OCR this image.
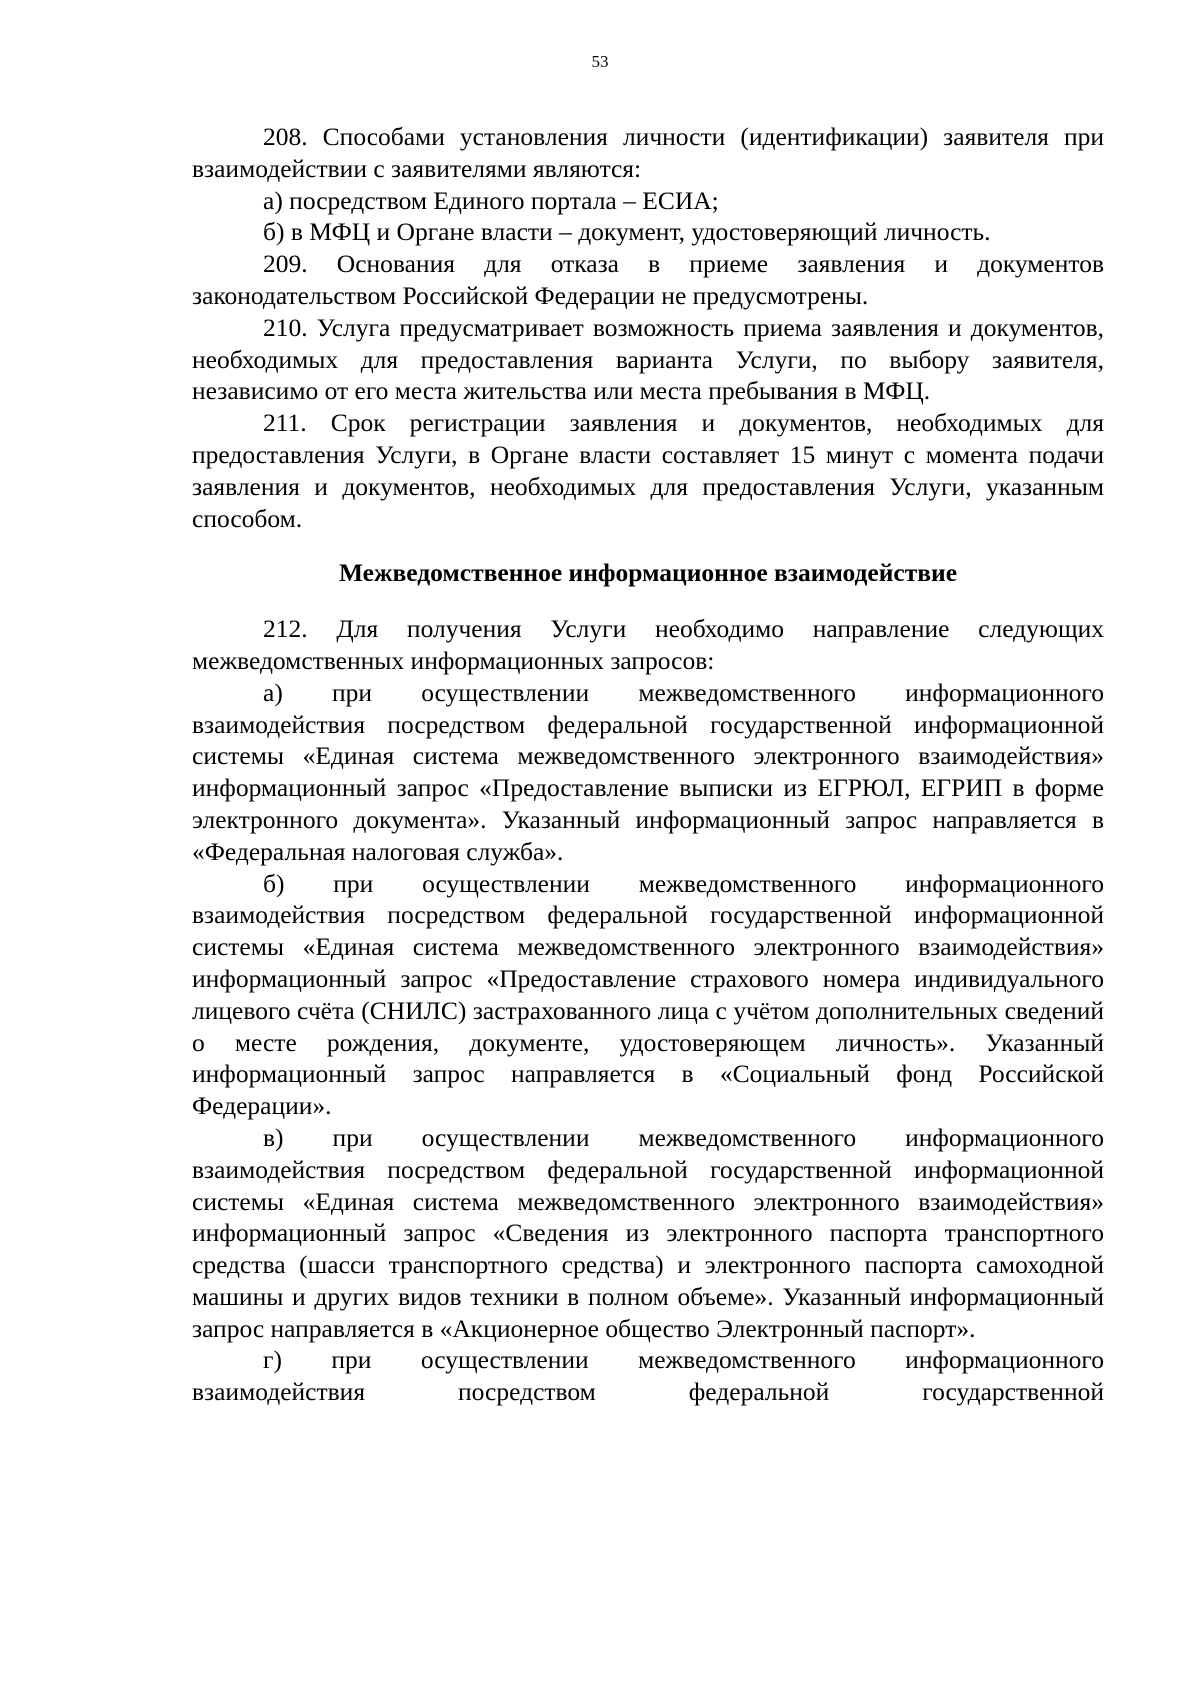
53

208. Способами установления личности (идентификации) заявителя при взаимодействии с заявителями являются:

а) посредством Единого портала – ЕСИА;

б) в МФЦ и Органе власти – документ, удостоверяющий личность.

209. Основания для отказа в приеме заявления и документов законодательством Российской Федерации не предусмотрены.

210. Услуга предусматривает возможность приема заявления и документов, необходимых для предоставления варианта Услуги, по выбору заявителя, независимо от его места жительства или места пребывания в МФЦ.

211. Срок регистрации заявления и документов, необходимых для предоставления Услуги, в Органе власти составляет 15 минут с момента подачи заявления и документов, необходимых для предоставления Услуги, указанным способом.

Межведомственное информационное взаимодействие

212. Для получения Услуги необходимо направление следующих межведомственных информационных запросов:

а) при осуществлении межведомственного информационного взаимодействия посредством федеральной государственной информационной системы «Единая система межведомственного электронного взаимодействия» информационный запрос «Предоставление выписки из ЕГРЮЛ, ЕГРИП в форме электронного документа». Указанный информационный запрос направляется в «Федеральная налоговая служба».

б) при осуществлении межведомственного информационного взаимодействия посредством федеральной государственной информационной системы «Единая система межведомственного электронного взаимодействия» информационный запрос «Предоставление страхового номера индивидуального лицевого счёта (СНИЛС) застрахованного лица с учётом дополнительных сведений о месте рождения, документе, удостоверяющем личность». Указанный информационный запрос направляется в «Социальный фонд Российской Федерации».

в) при осуществлении межведомственного информационного взаимодействия посредством федеральной государственной информационной системы «Единая система межведомственного электронного взаимодействия» информационный запрос «Сведения из электронного паспорта транспортного средства (шасси транспортного средства) и электронного паспорта самоходной машины и других видов техники в полном объеме». Указанный информационный запрос направляется в «Акционерное общество Электронный паспорт».

г) при осуществлении межведомственного информационного взаимодействия посредством федеральной государственной
